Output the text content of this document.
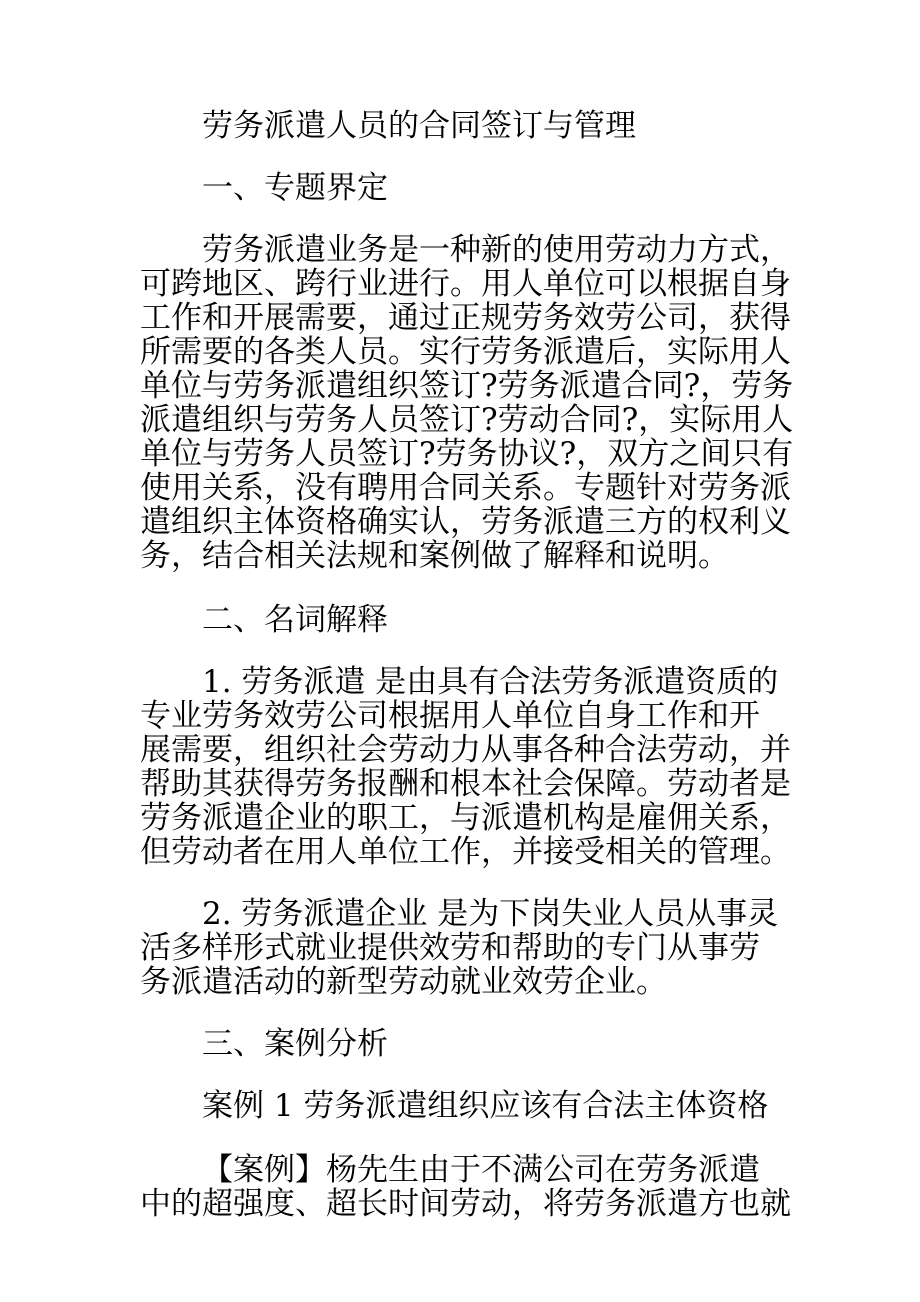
劳务派遣人员的合同签订与管理
一、专题界定
劳务派遣业务是一种新的使用劳动力方式，
可跨地区、跨行业进行。用人单位可以根据自身
工作和开展需要，通过正规劳务效劳公司，获得
所需要的各类人员。实行劳务派遣后，实际用人
单位与劳务派遣组织签订?劳务派遣合同?，劳务
派遣组织与劳务人员签订?劳动合同?，实际用人
单位与劳务人员签订?劳务协议?，双方之间只有
使用关系，没有聘用合同关系。专题针对劳务派
遣组织主体资格确实认，劳务派遣三方的权利义
务，结合相关法规和案例做了解释和说明。
二、名词解释
1. 劳务派遣 是由具有合法劳务派遣资质的
专业劳务效劳公司根据用人单位自身工作和开
展需要，组织社会劳动力从事各种合法劳动，并
帮助其获得劳务报酬和根本社会保障。劳动者是
劳务派遣企业的职工，与派遣机构是雇佣关系，
但劳动者在用人单位工作，并接受相关的管理。
2. 劳务派遣企业 是为下岗失业人员从事灵
活多样形式就业提供效劳和帮助的专门从事劳
务派遣活动的新型劳动就业效劳企业。
三、案例分析
案例 1 劳务派遣组织应该有合法主体资格
【案例】杨先生由于不满公司在劳务派遣
中的超强度、超长时间劳动，将劳务派遣方也就
